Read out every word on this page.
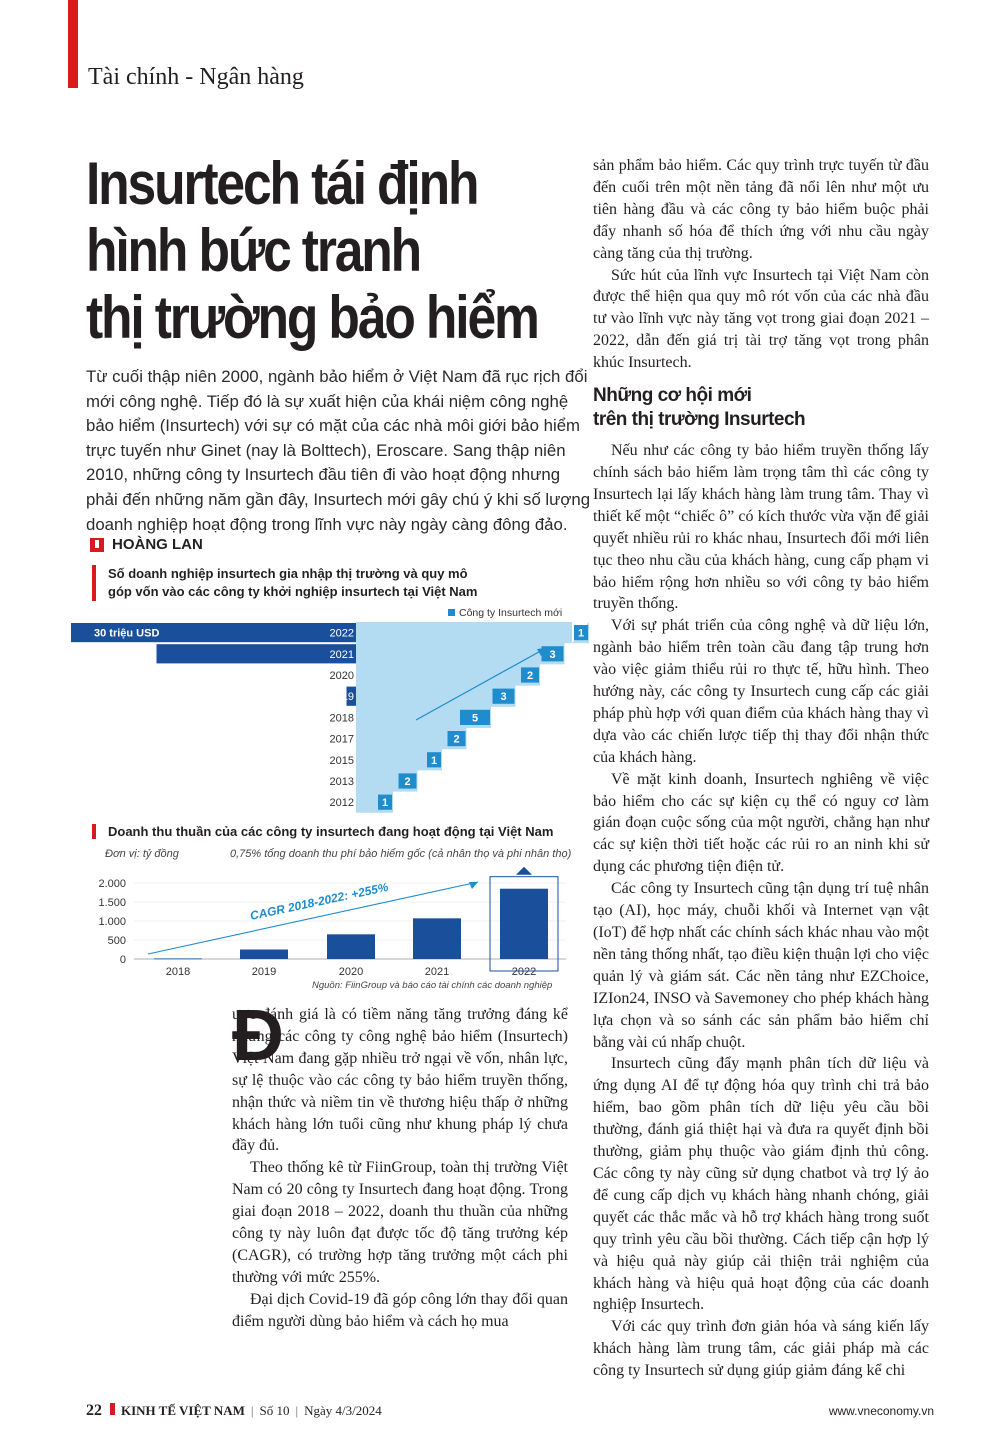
Tài chính - Ngân hàng
Insurtech tái định
hình bức tranh
thị trường bảo hiểm
Từ cuối thập niên 2000, ngành bảo hiểm ở Việt Nam đã rục rịch đổi
mới công nghệ. Tiếp đó là sự xuất hiện của khái niệm công nghệ
bảo hiểm (Insurtech) với sự có mặt của các nhà môi giới bảo hiểm
trực tuyến như Ginet (nay là Bolttech), Eroscare. Sang thập niên
2010, những công ty Insurtech đầu tiên đi vào hoạt động nhưng
phải đến những năm gần đây, Insurtech mới gây chú ý khi số lượng
doanh nghiệp hoạt động trong lĩnh vực này ngày càng đông đảo.
HOÀNG LAN
Số doanh nghiệp insurtech gia nhập thị trường và quy mô
góp vốn vào các công ty khởi nghiệp insurtech tại Việt Nam
Công ty Insurtech mới
2022	1
2021	3
2020	2
2019	3
2018	5
2017	2
2015	1
2013	2
2012	1
30 triệu USD
Doanh thu thuần của các công ty insurtech đang hoạt động tại Việt Nam
Đơn vị: tỷ đồng	0,75% tổng doanh thu phí bảo hiểm gốc (cả nhân thọ và phi nhân thọ)
0
500
1.000
1.500
2.000
2018	2019	2020	2021	2022
CAGR 2018-2022: +255%
Nguồn: FiinGroup và báo cáo tài chính các doanh nghiệp
Đ

ược đánh giá là có tiềm năng tăng trưởng đáng kể nhưng các công ty công nghệ bảo hiểm (Insurtech) Việt Nam đang gặp nhiều trở ngại về vốn, nhân lực, sự lệ thuộc vào các công ty bảo hiểm truyền thống, nhận thức và niềm tin về thương hiệu thấp ở những khách hàng lớn tuổi cũng như khung pháp lý chưa đầy đủ.

Theo thống kê từ FiinGroup, toàn thị trường Việt Nam có 20 công ty Insurtech đang hoạt động. Trong giai đoạn 2018 – 2022, doanh thu thuần của những công ty này luôn đạt được tốc độ tăng trưởng kép (CAGR), có trường hợp tăng trưởng một cách phi thường với mức 255%.

Đại dịch Covid-19 đã góp công lớn thay đổi quan điểm người dùng bảo hiểm và cách họ mua

sản phẩm bảo hiểm. Các quy trình trực tuyến từ đầu đến cuối trên một nền tảng đã nổi lên như một ưu tiên hàng đầu và các công ty bảo hiểm buộc phải đẩy nhanh số hóa để thích ứng với nhu cầu ngày càng tăng của thị trường.

Sức hút của lĩnh vực Insurtech tại Việt Nam còn được thể hiện qua quy mô rót vốn của các nhà đầu tư vào lĩnh vực này tăng vọt trong giai đoạn 2021 – 2022, dẫn đến giá trị tài trợ tăng vọt trong phân khúc Insurtech.

Những cơ hội mới
trên thị trường Insurtech

Nếu như các công ty bảo hiểm truyền thống lấy chính sách bảo hiểm làm trọng tâm thì các công ty Insurtech lại lấy khách hàng làm trung tâm. Thay vì thiết kế một “chiếc ô” có kích thước vừa vặn để giải quyết nhiều rủi ro khác nhau, Insurtech đổi mới liên tục theo nhu cầu của khách hàng, cung cấp phạm vi bảo hiểm rộng hơn nhiều so với công ty bảo hiểm truyền thống.

Với sự phát triển của công nghệ và dữ liệu lớn, ngành bảo hiểm trên toàn cầu đang tập trung hơn vào việc giảm thiểu rủi ro thực tế, hữu hình. Theo hướng này, các công ty Insurtech cung cấp các giải pháp phù hợp với quan điểm của khách hàng thay vì dựa vào các chiến lược tiếp thị thay đổi nhận thức của khách hàng.

Về mặt kinh doanh, Insurtech nghiêng về việc bảo hiểm cho các sự kiện cụ thể có nguy cơ làm gián đoạn cuộc sống của một người, chẳng hạn như các sự kiện thời tiết hoặc các rủi ro an ninh khi sử dụng các phương tiện điện tử.

Các công ty Insurtech cũng tận dụng trí tuệ nhân tạo (AI), học máy, chuỗi khối và Internet vạn vật (IoT) để hợp nhất các chính sách khác nhau vào một nền tảng thống nhất, tạo điều kiện thuận lợi cho việc quản lý và giám sát. Các nền tảng như EZChoice, IZIon24, INSO và Savemoney cho phép khách hàng lựa chọn và so sánh các sản phẩm bảo hiểm chỉ bằng vài cú nhấp chuột.

Insurtech cũng đẩy mạnh phân tích dữ liệu và ứng dụng AI để tự động hóa quy trình chi trả bảo hiểm, bao gồm phân tích dữ liệu yêu cầu bồi thường, đánh giá thiệt hại và đưa ra quyết định bồi thường, giảm phụ thuộc vào giám định thủ công. Các công ty này cũng sử dụng chatbot và trợ lý ảo để cung cấp dịch vụ khách hàng nhanh chóng, giải quyết các thắc mắc và hỗ trợ khách hàng trong suốt quy trình yêu cầu bồi thường. Cách tiếp cận hợp lý và hiệu quả này giúp cải thiện trải nghiệm của khách hàng và hiệu quả hoạt động của các doanh nghiệp Insurtech.

Với các quy trình đơn giản hóa và sáng kiến lấy khách hàng làm trung tâm, các giải pháp mà các công ty Insurtech sử dụng giúp giảm đáng kể chi

22 KINH TẾ VIỆT NAM | Số 10 | Ngày 4/3/2024	www.vneconomy.vn
